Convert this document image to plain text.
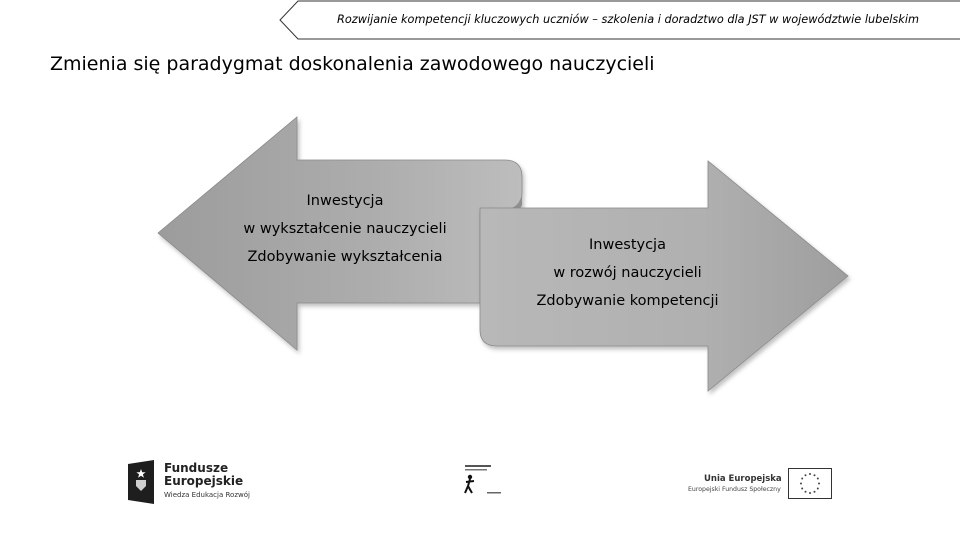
Rozwijanie kompetencji kluczowych uczniów – szkolenia i doradztwo dla JST w województwie lubelskim
Zmienia się paradygmat doskonalenia zawodowego nauczycieli
Inwestycja
w wykształcenie nauczycieli
Zdobywanie wykształcenia
Inwestycja
w rozwój nauczycieli
Zdobywanie kompetencji
Fundusze
Europejskie
Wiedza Edukacja Rozwój
Unia Europejska
Europejski Fundusz Społeczny
